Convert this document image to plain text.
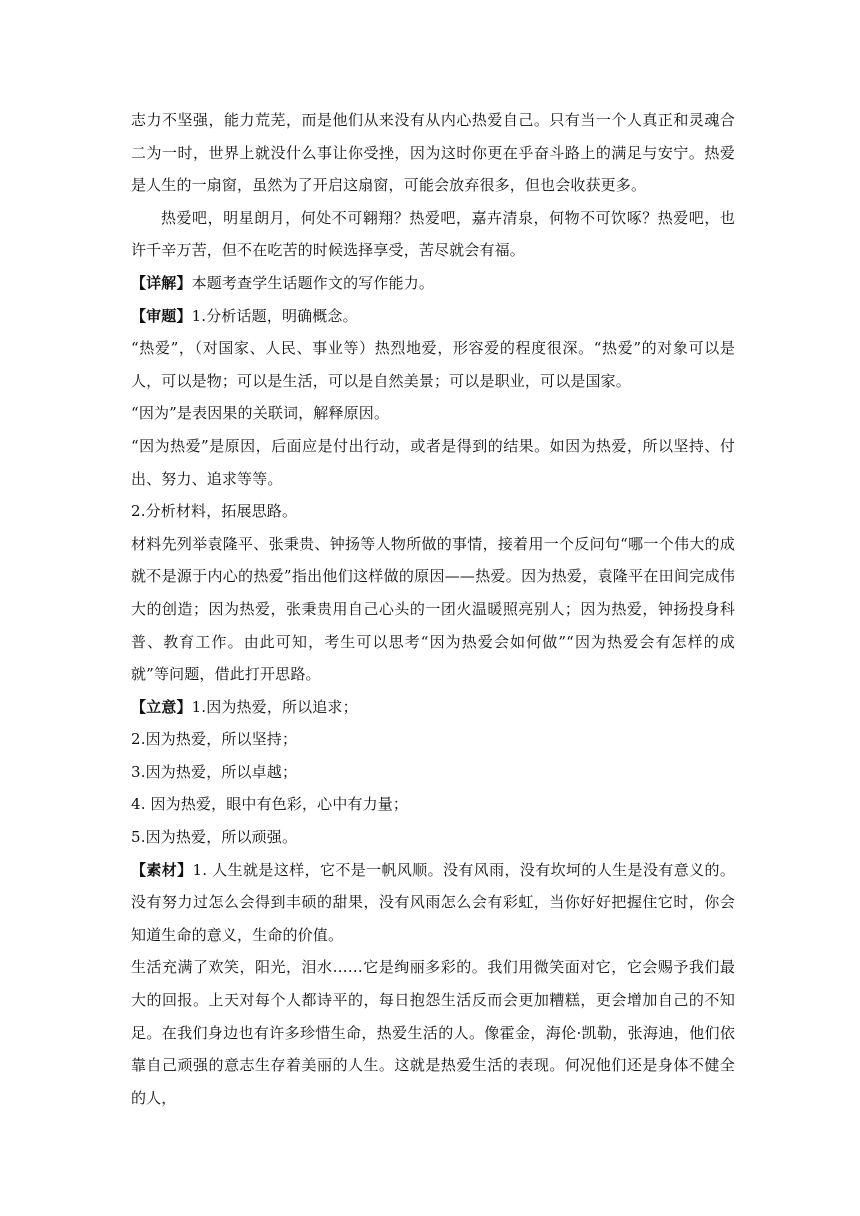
志力不坚强，能力荒芜，而是他们从来没有从内心热爱自己。只有当一个人真正和灵魂合二为一时，世界上就没什么事让你受挫，因为这时你更在乎奋斗路上的满足与安宁。热爱是人生的一扇窗，虽然为了开启这扇窗，可能会放弃很多，但也会收获更多。

热爱吧，明星朗月，何处不可翱翔？热爱吧，嘉卉清泉，何物不可饮啄？热爱吧，也许千辛万苦，但不在吃苦的时候选择享受，苦尽就会有福。

【详解】本题考查学生话题作文的写作能力。

【审题】1.分析话题，明确概念。

“热爱”，（对国家、人民、事业等）热烈地爱，形容爱的程度很深。“热爱”的对象可以是人，可以是物；可以是生活，可以是自然美景；可以是职业，可以是国家。

“因为”是表因果的关联词，解释原因。

“因为热爱”是原因，后面应是付出行动，或者是得到的结果。如因为热爱，所以坚持、付出、努力、追求等等。

2.分析材料，拓展思路。

材料先列举袁隆平、张秉贵、钟扬等人物所做的事情，接着用一个反问句“哪一个伟大的成就不是源于内心的热爱”指出他们这样做的原因——热爱。因为热爱，袁隆平在田间完成伟大的创造；因为热爱，张秉贵用自己心头的一团火温暖照亮别人；因为热爱，钟扬投身科普、教育工作。由此可知，考生可以思考“因为热爱会如何做”“因为热爱会有怎样的成就”等问题，借此打开思路。

【立意】1.因为热爱，所以追求；

2.因为热爱，所以坚持；

3.因为热爱，所以卓越；

4. 因为热爱，眼中有色彩，心中有力量；

5.因为热爱，所以顽强。

【素材】1. 人生就是这样，它不是一帆风顺。没有风雨，没有坎坷的人生是没有意义的。没有努力过怎么会得到丰硕的甜果，没有风雨怎么会有彩虹，当你好好把握住它时，你会知道生命的意义，生命的价值。

生活充满了欢笑，阳光，泪水……它是绚丽多彩的。我们用微笑面对它，它会赐予我们最大的回报。上天对每个人都诗平的，每日抱怨生活反而会更加糟糕，更会增加自己的不知足。在我们身边也有许多珍惜生命，热爱生活的人。像霍金，海伦·凯勒，张海迪，他们依靠自己顽强的意志生存着美丽的人生。这就是热爱生活的表现。何况他们还是身体不健全的人，
